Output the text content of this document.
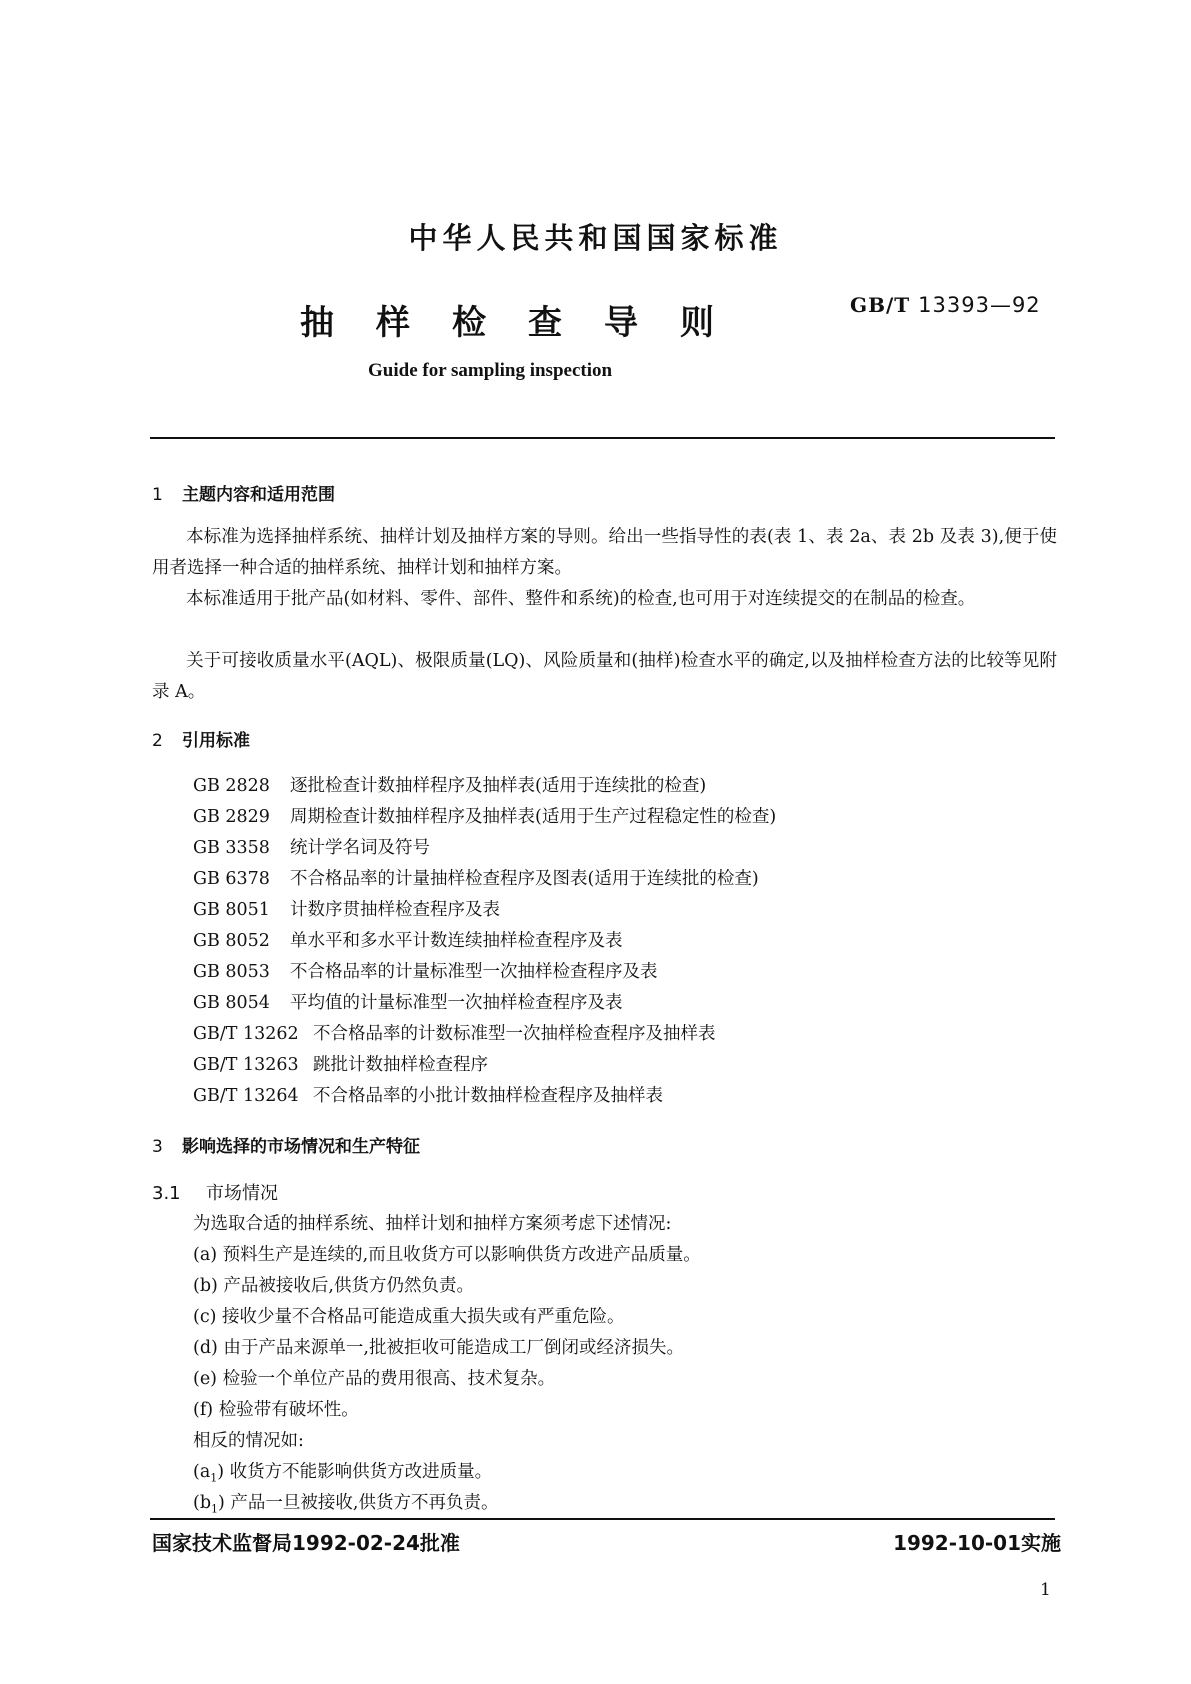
中华人民共和国国家标准
抽样检查导则	GB/T 13393—92
Guide for sampling inspection
1 主题内容和适用范围
本标准为选择抽样系统、抽样计划及抽样方案的导则。给出一些指导性的表(表 1、表 2a、表 2b 及表 3),便于使用者选择一种合适的抽样系统、抽样计划和抽样方案。
本标准适用于批产品(如材料、零件、部件、整件和系统)的检查,也可用于对连续提交的在制品的检查。
关于可接收质量水平(AQL)、极限质量(LQ)、风险质量和(抽样)检查水平的确定,以及抽样检查方法的比较等见附录 A。
2 引用标准
GB 2828 逐批检查计数抽样程序及抽样表(适用于连续批的检查)
GB 2829 周期检查计数抽样程序及抽样表(适用于生产过程稳定性的检查)
GB 3358 统计学名词及符号
GB 6378 不合格品率的计量抽样检查程序及图表(适用于连续批的检查)
GB 8051 计数序贯抽样检查程序及表
GB 8052 单水平和多水平计数连续抽样检查程序及表
GB 8053 不合格品率的计量标准型一次抽样检查程序及表
GB 8054 平均值的计量标准型一次抽样检查程序及表
GB/T 13262 不合格品率的计数标准型一次抽样检查程序及抽样表
GB/T 13263 跳批计数抽样检查程序
GB/T 13264 不合格品率的小批计数抽样检查程序及抽样表
3 影响选择的市场情况和生产特征
3.1 市场情况
为选取合适的抽样系统、抽样计划和抽样方案须考虑下述情况:
(a) 预料生产是连续的,而且收货方可以影响供货方改进产品质量。
(b) 产品被接收后,供货方仍然负责。
(c) 接收少量不合格品可能造成重大损失或有严重危险。
(d) 由于产品来源单一,批被拒收可能造成工厂倒闭或经济损失。
(e) 检验一个单位产品的费用很高、技术复杂。
(f) 检验带有破坏性。
相反的情况如:
$(a_1)$ 收货方不能影响供货方改进质量。
$(b_1)$ 产品一旦被接收,供货方不再负责。
国家技术监督局1992-02-24批准	1992-10-01实施
1
